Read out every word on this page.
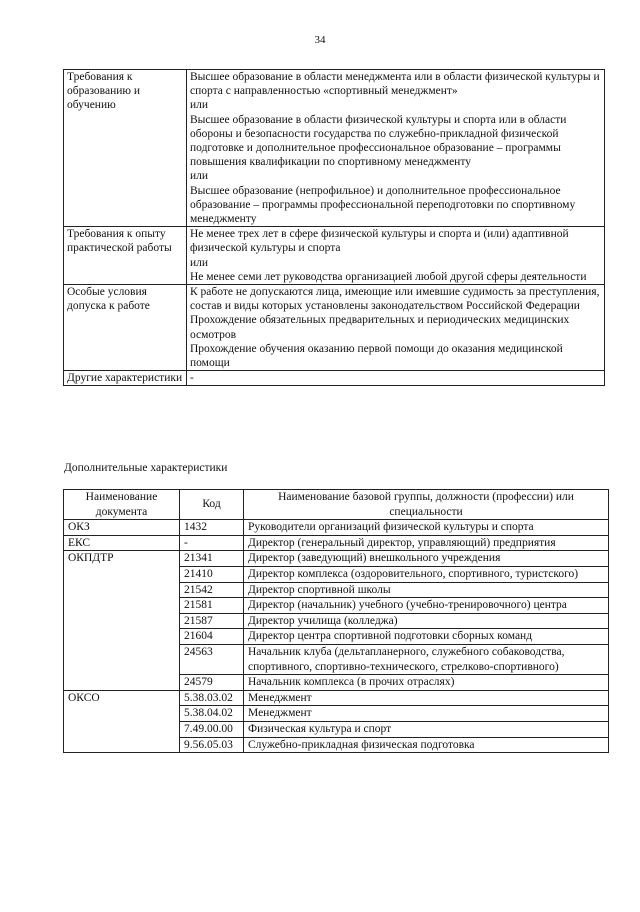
34
Требования к образованию и обучению	Высшее образование в области менеджмента или в области физической культуры и спорта с направленностью «спортивный менеджмент»
или
Высшее образование в области физической культуры и спорта или в области обороны и безопасности государства по служебно-прикладной физической подготовке и дополнительное профессиональное образование – программы повышения квалификации по спортивному менеджменту
или
Высшее образование (непрофильное) и дополнительное профессиональное образование – программы профессиональной переподготовки по спортивному менеджменту

Требования к опыту практической работы	Не менее трех лет в сфере физической культуры и спорта и (или) адаптивной физической культуры и спорта
или
Не менее семи лет руководства организацией любой другой сферы деятельности

Особые условия допуска к работе	К работе не допускаются лица, имеющие или имевшие судимость за преступления, состав и виды которых установлены законодательством Российской Федерации
Прохождение обязательных предварительных и периодических медицинских осмотров
Прохождение обучения оказанию первой помощи до оказания медицинской помощи

Другие характеристики	-
Дополнительные характеристики
Наименование документа	Код	Наименование базовой группы, должности (профессии) или специальности
ОКЗ	1432	Руководители организаций физической культуры и спорта
ЕКС	-	Директор (генеральный директор, управляющий) предприятия
ОКПДТР	21341	Директор (заведующий) внешкольного учреждения
	21410	Директор комплекса (оздоровительного, спортивного, туристского)
	21542	Директор спортивной школы
	21581	Директор (начальник) учебного (учебно-тренировочного) центра
	21587	Директор училища (колледжа)
	21604	Директор центра спортивной подготовки сборных команд
	24563	Начальник клуба (дельтапланерного, служебного собаководства, спортивного, спортивно-технического, стрелково-спортивного)
	24579	Начальник комплекса (в прочих отраслях)
ОКСО	5.38.03.02	Менеджмент
	5.38.04.02	Менеджмент
	7.49.00.00	Физическая культура и спорт
	9.56.05.03	Служебно-прикладная физическая подготовка
